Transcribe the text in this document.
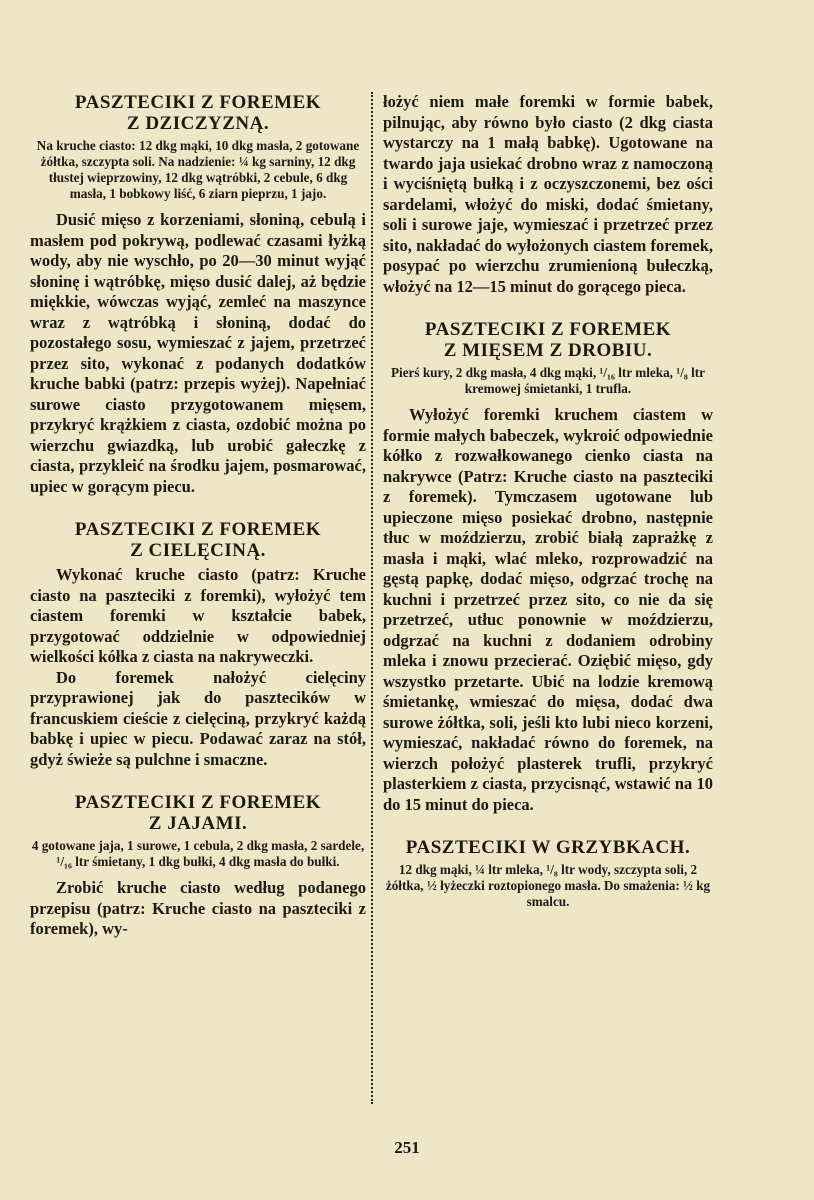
PASZTECIKI Z FOREMEK
Z DZICZYZNĄ.

Na kruche ciasto: 12 dkg mąki, 10 dkg masła, 2 gotowane żółtka, szczypta soli. Na nadzienie: ¼ kg sarniny, 12 dkg tłustej wieprzowiny, 12 dkg wątróbki, 2 cebule, 6 dkg masła, 1 bobkowy liść, 6 ziarn pieprzu, 1 jajo.

Dusić mięso z korzeniami, słoniną, cebulą i masłem pod pokrywą, podlewać czasami łyżką wody, aby nie wyschło, po 20—30 minut wyjąć słoninę i wątróbkę, mięso dusić dalej, aż będzie miękkie, wówczas wyjąć, zemleć na maszynce wraz z wątróbką i słoniną, dodać do pozostałego sosu, wymieszać z jajem, przetrzeć przez sito, wykonać z podanych dodatków kruche babki (patrz: przepis wyżej). Napełniać surowe ciasto przygotowanem mięsem, przykryć krążkiem z ciasta, ozdobić można po wierzchu gwiazdką, lub urobić gałeczkę z ciasta, przykleić na środku jajem, posmarować, upiec w gorącym piecu.

PASZTECIKI Z FOREMEK
Z CIELĘCINĄ.

Wykonać kruche ciasto (patrz: Kruche ciasto na paszteciki z foremki), wyłożyć tem ciastem foremki w kształcie babek, przygotować oddzielnie w odpowiedniej wielkości kółka z ciasta na nakryweczki.

Do foremek nałożyć cielęciny przyprawionej jak do pasztecików w francuskiem cieście z cielęciną, przykryć każdą babkę i upiec w piecu. Podawać zaraz na stół, gdyż świeże są pulchne i smaczne.

PASZTECIKI Z FOREMEK
Z JAJAMI.

4 gotowane jaja, 1 surowe, 1 cebula, 2 dkg masła, 2 sardele, ¹/₁₆ ltr śmietany, 1 dkg bułki, 4 dkg masła do bułki.

Zrobić kruche ciasto według podanego przepisu (patrz: Kruche ciasto na paszteciki z foremek), wy-

łożyć niem małe foremki w formie babek, pilnując, aby równo było ciasto (2 dkg ciasta wystarczy na 1 małą babkę). Ugotowane na twardo jaja usiekać drobno wraz z namoczoną i wyciśniętą bułką i z oczyszczonemi, bez ości sardelami, włożyć do miski, dodać śmietany, soli i surowe jaje, wymieszać i przetrzeć przez sito, nakładać do wyłożonych ciastem foremek, posypać po wierzchu zrumienioną bułeczką, włożyć na 12—15 minut do gorącego pieca.

PASZTECIKI Z FOREMEK
Z MIĘSEM Z DROBIU.

Pierś kury, 2 dkg masła, 4 dkg mąki, ¹/₁₆ ltr mleka, ¹/₈ ltr kremowej śmietanki, 1 trufla.

Wyłożyć foremki kruchem ciastem w formie małych babeczek, wykroić odpowiednie kółko z rozwałkowanego cienko ciasta na nakrywce (Patrz: Kruche ciasto na paszteciki z foremek). Tymczasem ugotowane lub upieczone mięso posiekać drobno, następnie tłuc w moździerzu, zrobić białą zaprażkę z masła i mąki, wlać mleko, rozprowadzić na gęstą papkę, dodać mięso, odgrzać trochę na kuchni i przetrzeć przez sito, co nie da się przetrzeć, utłuc ponownie w moździerzu, odgrzać na kuchni z dodaniem odrobiny mleka i znowu przecierać. Oziębić mięso, gdy wszystko przetarte. Ubić na lodzie kremową śmietankę, wmieszać do mięsa, dodać dwa surowe żółtka, soli, jeśli kto lubi nieco korzeni, wymieszać, nakładać równo do foremek, na wierzch położyć plasterek trufli, przykryć plasterkiem z ciasta, przycisnąć, wstawić na 10 do 15 minut do pieca.

PASZTECIKI W GRZYBKACH.

12 dkg mąki, ¼ ltr mleka, ¹/₈ ltr wody, szczypta soli, 2 żółtka, ½ łyżeczki roztopionego masła. Do smażenia: ½ kg smalcu.

251
